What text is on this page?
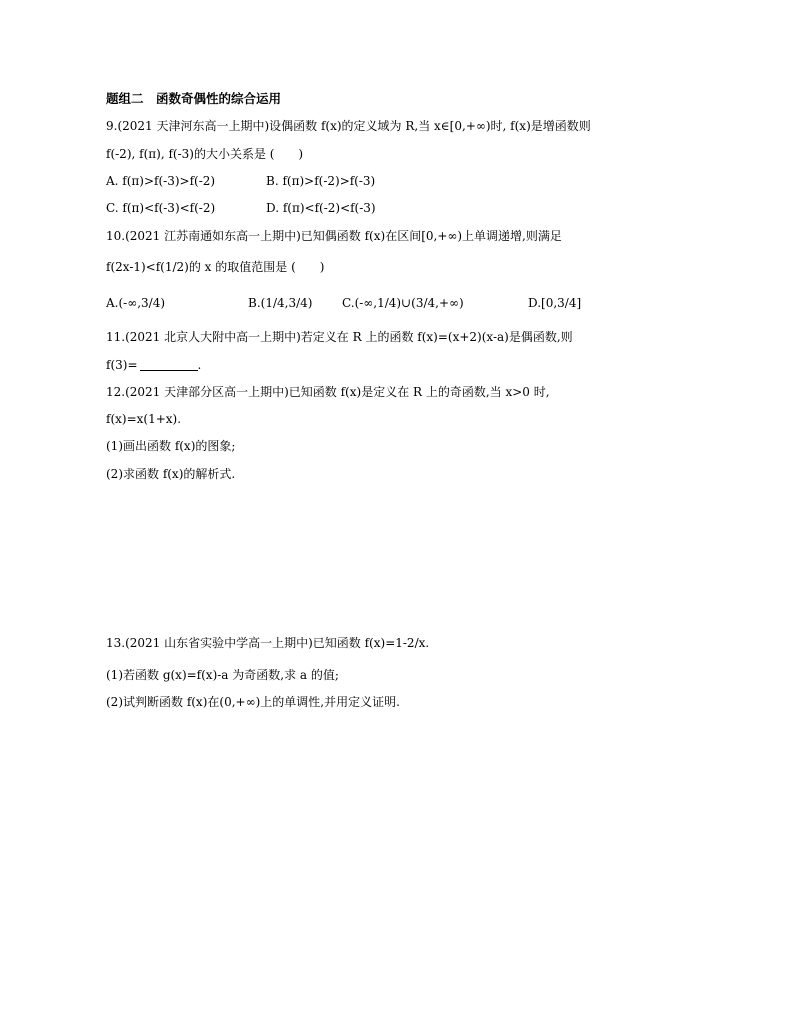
题组二　函数奇偶性的综合运用
9.(2021 天津河东高一上期中)设偶函数 f(x)的定义域为 R,当 x∈[0,+∞)时, f(x)是增函数则
f(-2), f(π), f(-3)的大小关系是 (　　)
A. f(π)>f(-3)>f(-2)	B. f(π)>f(-2)>f(-3)
C. f(π)<f(-3)<f(-2)	D. f(π)<f(-2)<f(-3)
10.(2021 江苏南通如东高一上期中)已知偶函数 f(x)在区间[0,+∞)上单调递增,则满足
f(2x-1)<f(1/2)的 x 的取值范围是 (　　)
A.(-∞,3/4)	B.(1/4,3/4) C.(-∞,1/4)∪(3/4,+∞)	D.[0,3/4]
11.(2021 北京人大附中高一上期中)若定义在 R 上的函数 f(x)=(x+2)(x-a)是偶函数,则
f(3)=	.
12.(2021 天津部分区高一上期中)已知函数 f(x)是定义在 R 上的奇函数,当 x>0 时,
f(x)=x(1+x).
(1)画出函数 f(x)的图象;
(2)求函数 f(x)的解析式.
13.(2021 山东省实验中学高一上期中)已知函数 f(x)=1-2/x.
(1)若函数 g(x)=f(x)-a 为奇函数,求 a 的值;
(2)试判断函数 f(x)在(0,+∞)上的单调性,并用定义证明.
